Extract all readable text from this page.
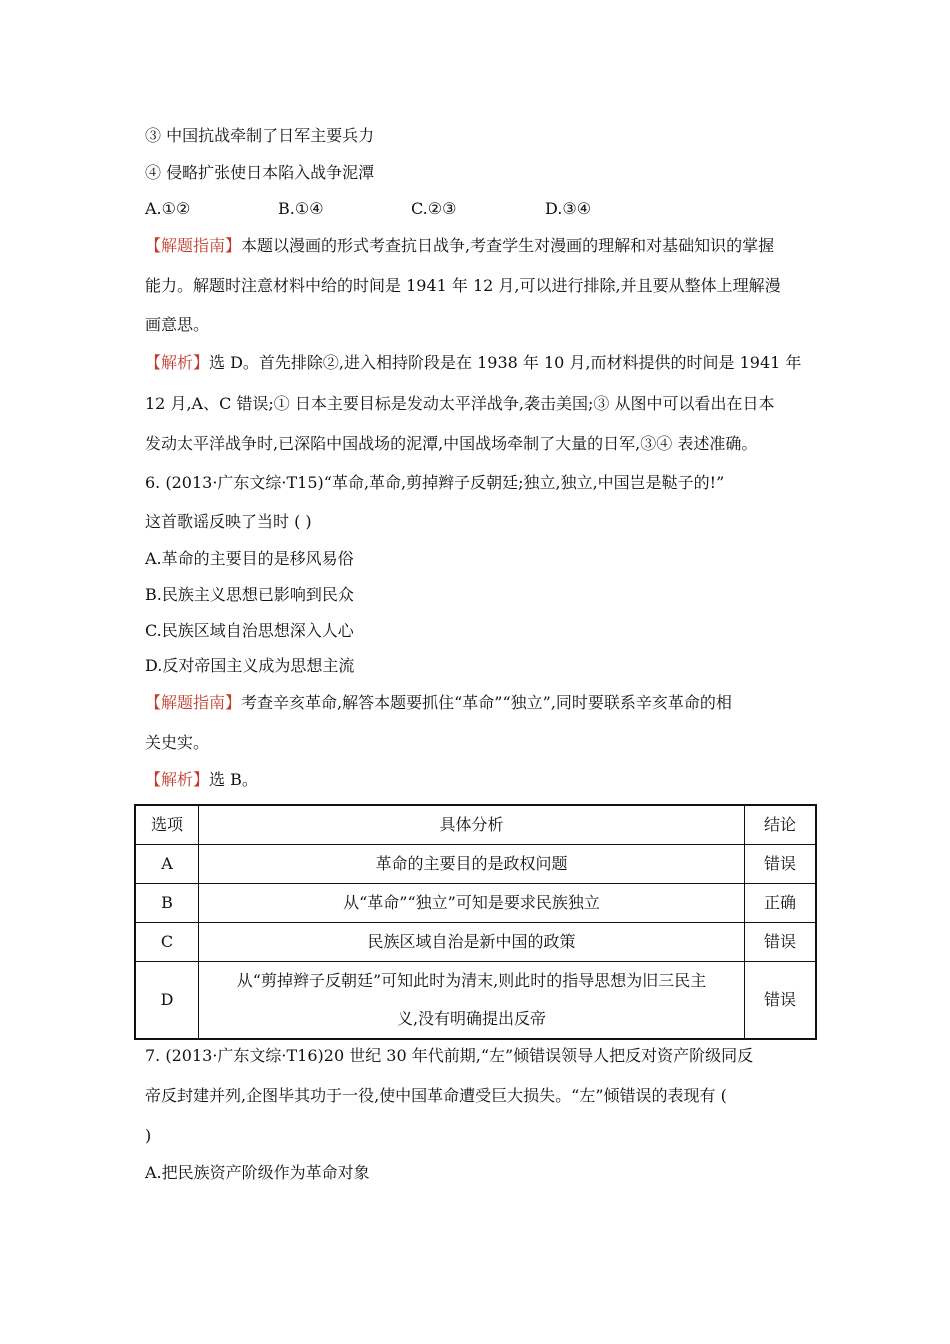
③ 中国抗战牵制了日军主要兵力
④ 侵略扩张使日本陷入战争泥潭
A.①②	B.①④	C.②③	D.③④
【解题指南】本题以漫画的形式考查抗日战争,考查学生对漫画的理解和对基础知识的掌握
能力。解题时注意材料中给的时间是 1941 年 12 月,可以进行排除,并且要从整体上理解漫
画意思。
【解析】选 D。首先排除②,进入相持阶段是在 1938 年 10 月,而材料提供的时间是 1941 年
12 月,A、C 错误;① 日本主要目标是发动太平洋战争,袭击美国;③ 从图中可以看出在日本
发动太平洋战争时,已深陷中国战场的泥潭,中国战场牵制了大量的日军,③④ 表述准确。
6. (2013·广东文综·T15)“革命,革命,剪掉辫子反朝廷;独立,独立,中国岂是鞑子的!”
这首歌谣反映了当时 ( )
A.革命的主要目的是移风易俗
B.民族主义思想已影响到民众
C.民族区域自治思想深入人心
D.反对帝国主义成为思想主流
【解题指南】考查辛亥革命,解答本题要抓住“革命”“独立”,同时要联系辛亥革命的相
关史实。
【解析】选 B。
选项	具体分析	结论
A	革命的主要目的是政权问题	错误
B	从“革命”“独立”可知是要求民族独立	正确
C	民族区域自治是新中国的政策	错误
D	从“剪掉辫子反朝廷”可知此时为清末,则此时的指导思想为旧三民主
义,没有明确提出反帝	错误
7. (2013·广东文综·T16)20 世纪 30 年代前期,“左”倾错误领导人把反对资产阶级同反
帝反封建并列,企图毕其功于一役,使中国革命遭受巨大损失。“左”倾错误的表现有 (
)
A.把民族资产阶级作为革命对象
